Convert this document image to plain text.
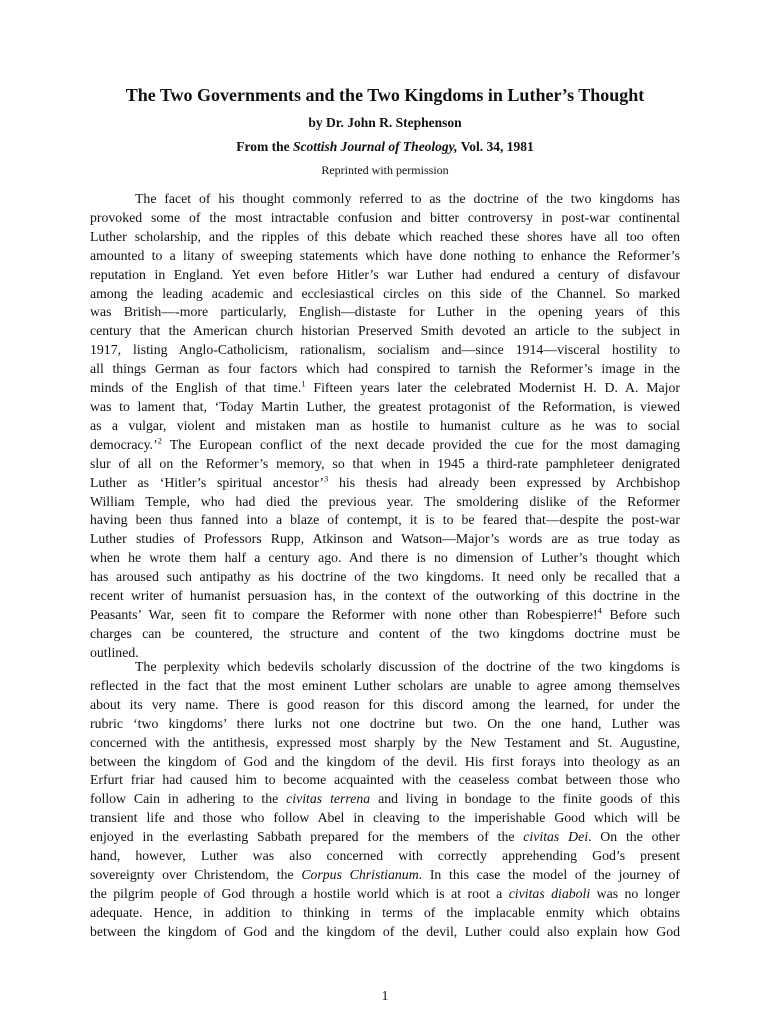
The Two Governments and the Two Kingdoms in Luther’s Thought
by Dr. John R. Stephenson
From the Scottish Journal of Theology, Vol. 34, 1981
Reprinted with permission
The facet of his thought commonly referred to as the doctrine of the two kingdoms has
provoked some of the most intractable confusion and bitter controversy in post-war continental
Luther scholarship, and the ripples of this debate which reached these shores have all too often
amounted to a litany of sweeping statements which have done nothing to enhance the Reformer’s
reputation in England. Yet even before Hitler’s war Luther had endured a century of disfavour
among the leading academic and ecclesiastical circles on this side of the Channel. So marked
was British—-more particularly, English—distaste for Luther in the opening years of this
century that the American church historian Preserved Smith devoted an article to the subject in
1917, listing Anglo-Catholicism, rationalism, socialism and—since 1914—visceral hostility to
all things German as four factors which had conspired to tarnish the Reformer’s image in the
minds of the English of that time.$^1$ Fifteen years later the celebrated Modernist H. D. A. Major
was to lament that, ‘Today Martin Luther, the greatest protagonist of the Reformation, is viewed
as a vulgar, violent and mistaken man as hostile to humanist culture as he was to social
democracy.’$^2$ The European conflict of the next decade provided the cue for the most damaging
slur of all on the Reformer’s memory, so that when in 1945 a third-rate pamphleteer denigrated
Luther as ‘Hitler’s spiritual ancestor’$^3$ his thesis had already been expressed by Archbishop
William Temple, who had died the previous year. The smoldering dislike of the Reformer
having been thus fanned into a blaze of contempt, it is to be feared that—despite the post-war
Luther studies of Professors Rupp, Atkinson and Watson—Major’s words are as true today as
when he wrote them half a century ago. And there is no dimension of Luther’s thought which
has aroused such antipathy as his doctrine of the two kingdoms. It need only be recalled that a
recent writer of humanist persuasion has, in the context of the outworking of this doctrine in the
Peasants’ War, seen fit to compare the Reformer with none other than Robespierre!$^4$ Before such
charges can be countered, the structure and content of the two kingdoms doctrine must be
outlined.
The perplexity which bedevils scholarly discussion of the doctrine of the two kingdoms is
reflected in the fact that the most eminent Luther scholars are unable to agree among themselves
about its very name. There is good reason for this discord among the learned, for under the
rubric ‘two kingdoms’ there lurks not one doctrine but two. On the one hand, Luther was
concerned with the antithesis, expressed most sharply by the New Testament and St. Augustine,
between the kingdom of God and the kingdom of the devil. His first forays into theology as an
Erfurt friar had caused him to become acquainted with the ceaseless combat between those who
follow Cain in adhering to the civitas terrena and living in bondage to the finite goods of this
transient life and those who follow Abel in cleaving to the imperishable Good which will be
enjoyed in the everlasting Sabbath prepared for the members of the civitas Dei. On the other
hand, however, Luther was also concerned with correctly apprehending God’s present
sovereignty over Christendom, the Corpus Christianum. In this case the model of the journey of
the pilgrim people of God through a hostile world which is at root a civitas diaboli was no longer
adequate. Hence, in addition to thinking in terms of the implacable enmity which obtains
between the kingdom of God and the kingdom of the devil, Luther could also explain how God
1
